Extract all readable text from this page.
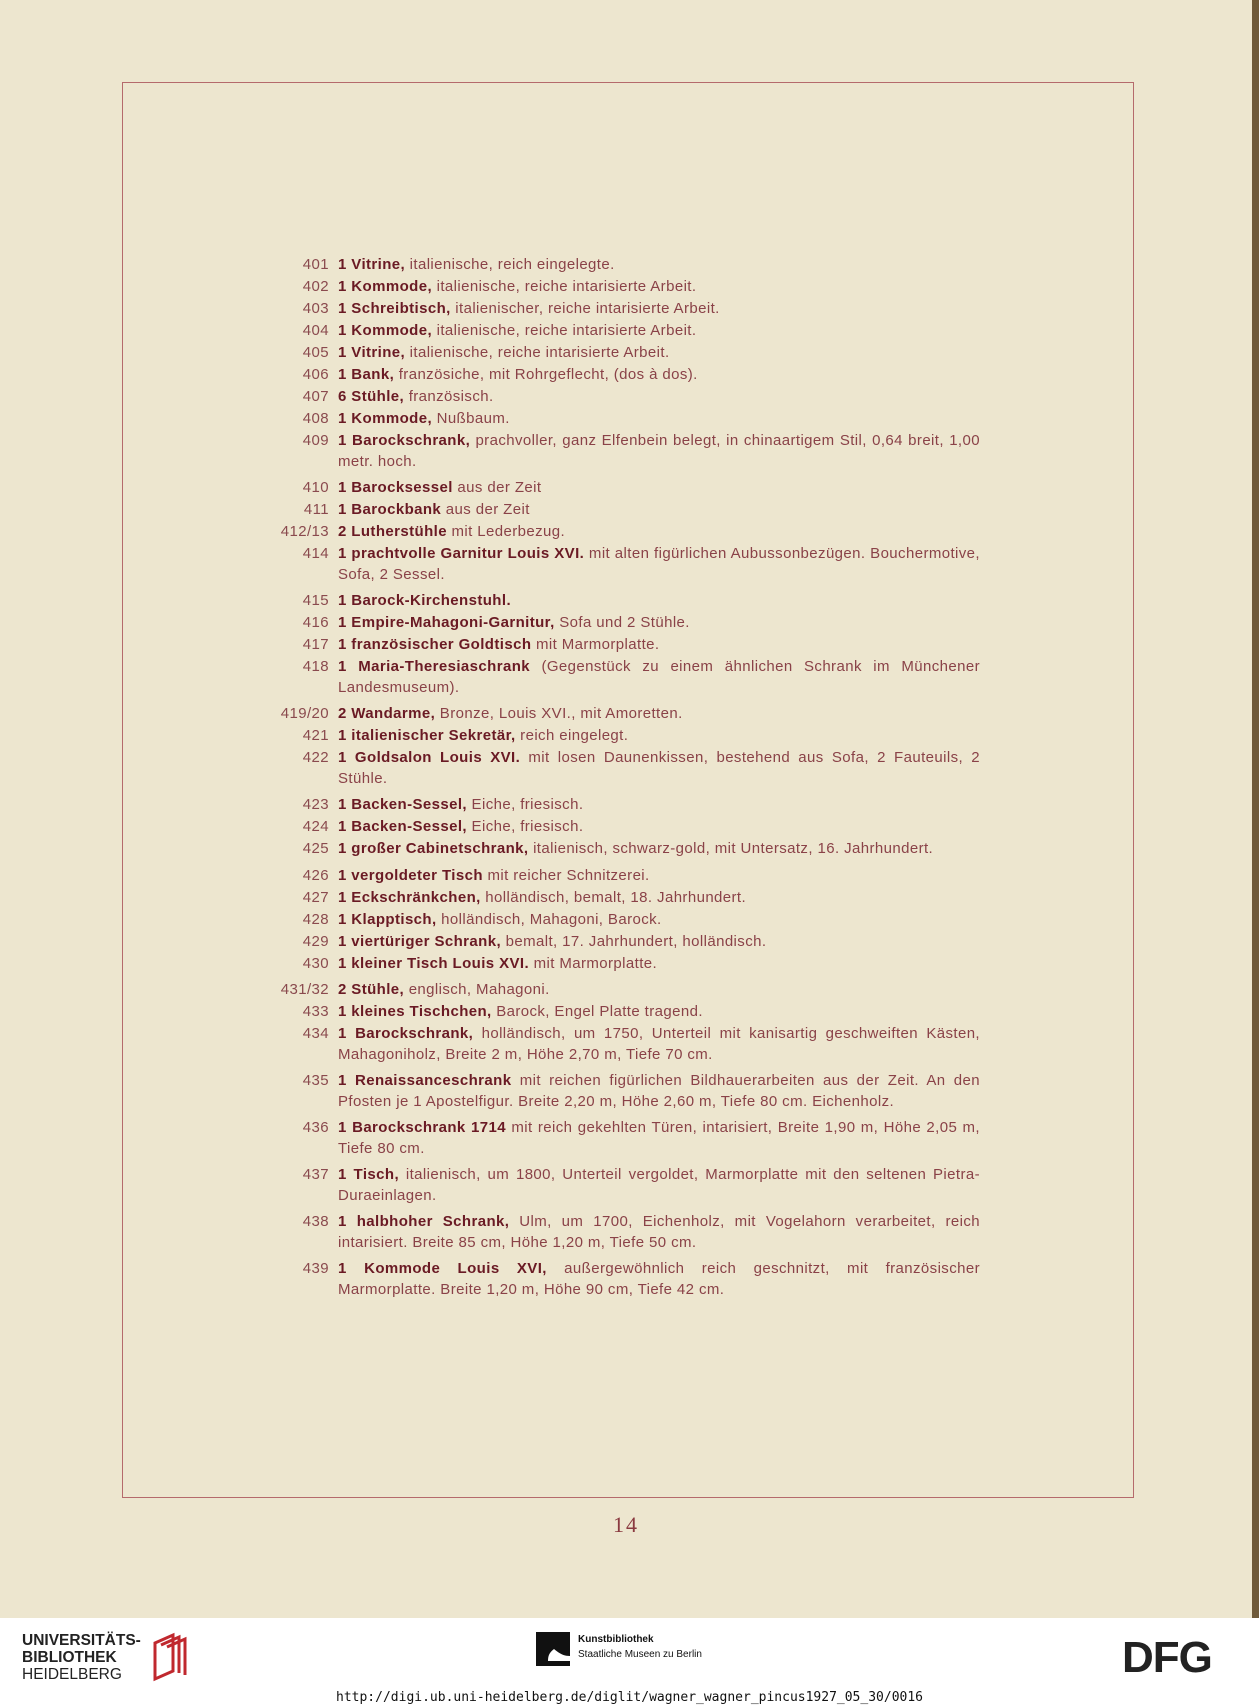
401 1 Vitrine, italienische, reich eingelegte.
402 1 Kommode, italienische, reiche intarisierte Arbeit.
403 1 Schreibtisch, italienischer, reiche intarisierte Arbeit.
404 1 Kommode, italienische, reiche intarisierte Arbeit.
405 1 Vitrine, italienische, reiche intarisierte Arbeit.
406 1 Bank, französiche, mit Rohrgeflecht, (dos à dos).
407 6 Stühle, französisch.
408 1 Kommode, Nußbaum.
409 1 Barockschrank, prachvoller, ganz Elfenbein belegt, in chinaartigem Stil, 0,64 breit, 1,00 metr. hoch.
410 1 Barocksessel aus der Zeit
411 1 Barockbank aus der Zeit
412/13 2 Lutherstühle mit Lederbezug.
414 1 prachtvolle Garnitur Louis XVI. mit alten figürlichen Aubussonbezügen. Bouchermotive, Sofa, 2 Sessel.
415 1 Barock-Kirchenstuhl.
416 1 Empire-Mahagoni-Garnitur, Sofa und 2 Stühle.
417 1 französischer Goldtisch mit Marmorplatte.
418 1 Maria-Theresiaschrank (Gegenstück zu einem ähnlichen Schrank im Münchener Landesmuseum).
419/20 2 Wandarme, Bronze, Louis XVI., mit Amoretten.
421 1 italienischer Sekretär, reich eingelegt.
422 1 Goldsalon Louis XVI. mit losen Daunenkissen, bestehend aus Sofa, 2 Fauteuils, 2 Stühle.
423 1 Backen-Sessel, Eiche, friesisch.
424 1 Backen-Sessel, Eiche, friesisch.
425 1 großer Cabinetschrank, italienisch, schwarz-gold, mit Untersatz, 16. Jahrhundert.
426 1 vergoldeter Tisch mit reicher Schnitzerei.
427 1 Eckschränkchen, holländisch, bemalt, 18. Jahrhundert.
428 1 Klapptisch, holländisch, Mahagoni, Barock.
429 1 viertüriger Schrank, bemalt, 17. Jahrhundert, holländisch.
430 1 kleiner Tisch Louis XVI. mit Marmorplatte.
431/32 2 Stühle, englisch, Mahagoni.
433 1 kleines Tischchen, Barock, Engel Platte tragend.
434 1 Barockschrank, holländisch, um 1750, Unterteil mit kanisartig geschweiften Kästen, Mahagoniholz, Breite 2 m, Höhe 2,70 m, Tiefe 70 cm.
435 1 Renaissanceschrank mit reichen figürlichen Bildhauerarbeiten aus der Zeit. An den Pfosten je 1 Apostelfigur. Breite 2,20 m, Höhe 2,60 m, Tiefe 80 cm. Eichenholz.
436 1 Barockschrank 1714 mit reich gekehlten Türen, intarisiert, Breite 1,90 m, Höhe 2,05 m, Tiefe 80 cm.
437 1 Tisch, italienisch, um 1800, Unterteil vergoldet, Marmorplatte mit den seltenen Pietra-Duraeinlagen.
438 1 halbhoher Schrank, Ulm, um 1700, Eichenholz, mit Vogelahorn verarbeitet, reich intarisiert. Breite 85 cm, Höhe 1,20 m, Tiefe 50 cm.
439 1 Kommode Louis XVI, außergewöhnlich reich geschnitzt, mit französischer Marmorplatte. Breite 1,20 m, Höhe 90 cm, Tiefe 42 cm.
14
UNIVERSITÄTS-
BIBLIOTHEK
HEIDELBERG
Kunstbibliothek
Staatliche Museen zu Berlin	DFG
http://digi.ub.uni-heidelberg.de/diglit/wagner_wagner_pincus1927_05_30/0016
